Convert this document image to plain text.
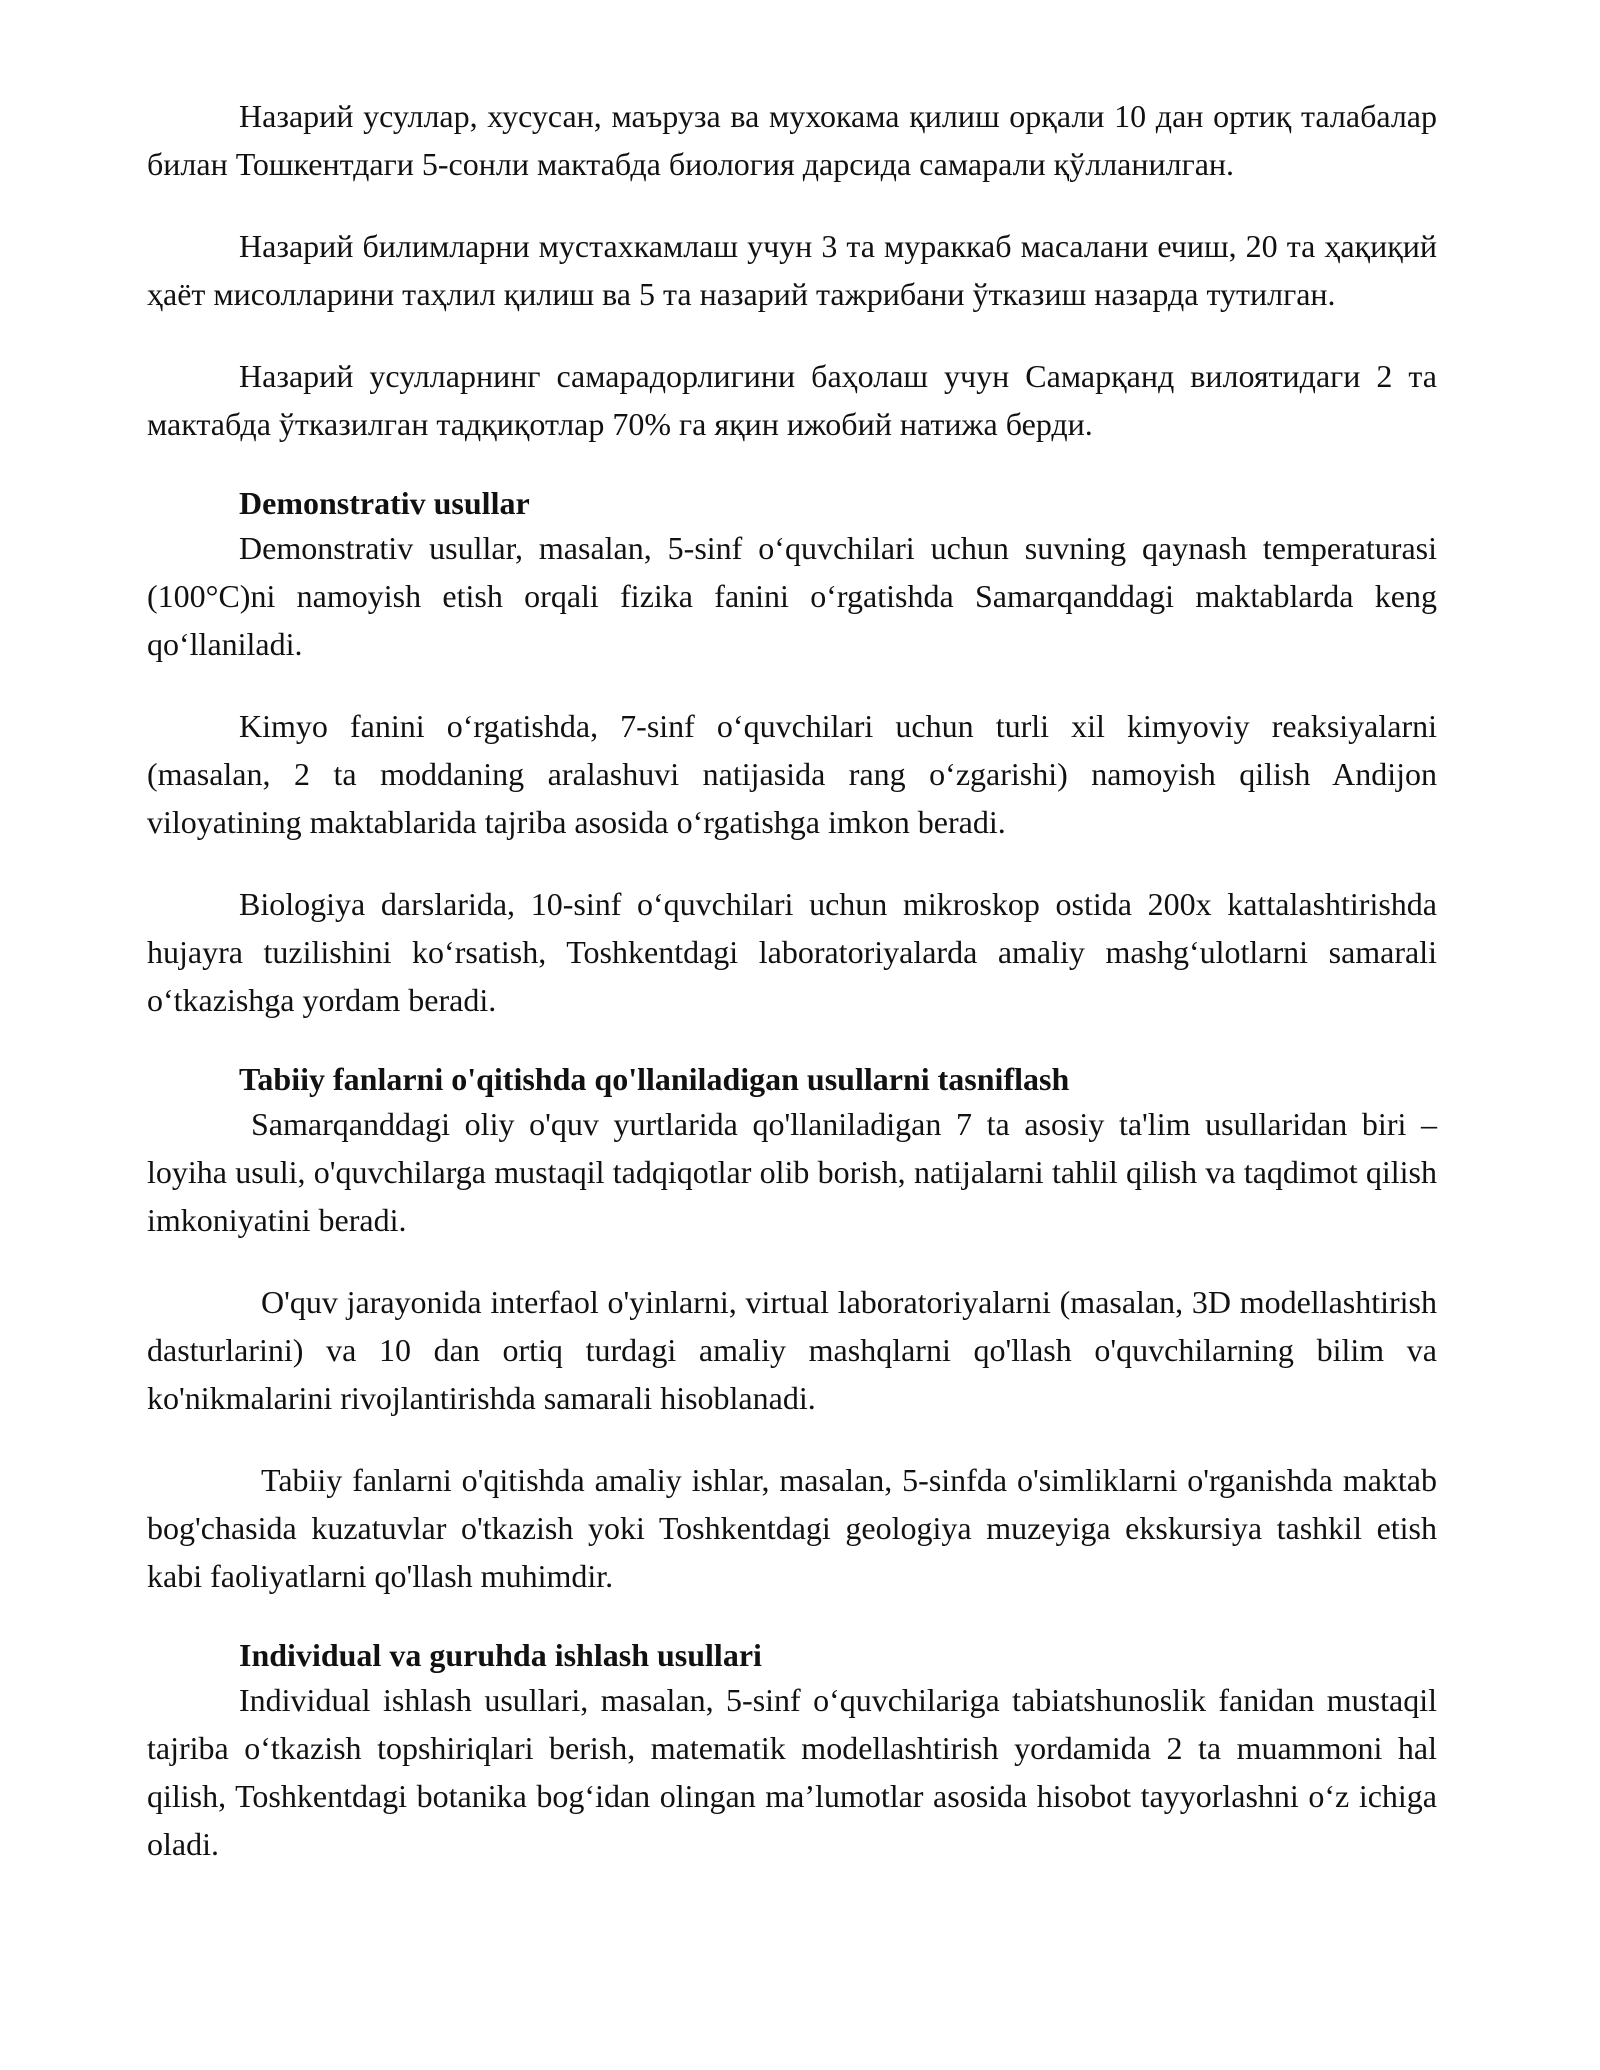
Назарий усуллар, хусусан, маъруза ва мухокама қилиш орқали 10 дан ортиқ талабалар билан Тошкентдаги 5-сонли мактабда биология дарсида самарали қўлланилган.

Назарий билимларни мустахкамлаш учун 3 та мураккаб масалани ечиш, 20 та ҳақиқий ҳаёт мисолларини таҳлил қилиш ва 5 та назарий тажрибани ўтказиш назарда тутилган.

Назарий усулларнинг самарадорлигини баҳолаш учун Самарқанд вилоятидаги 2 та мактабда ўтказилган тадқиқотлар 70% га яқин ижобий натижа берди.

Demonstrativ usullar

Demonstrativ usullar, masalan, 5-sinf oʻquvchilari uchun suvning qaynash temperaturasi (100°C)ni namoyish etish orqali fizika fanini oʻrgatishda Samarqanddagi maktablarda keng qoʻllaniladi.

Kimyo fanini oʻrgatishda, 7-sinf oʻquvchilari uchun turli xil kimyoviy reaksiyalarni (masalan, 2 ta moddaning aralashuvi natijasida rang oʻzgarishi) namoyish qilish Andijon viloyatining maktablarida tajriba asosida oʻrgatishga imkon beradi.

Biologiya darslarida, 10-sinf oʻquvchilari uchun mikroskop ostida 200x kattalashtirishda hujayra tuzilishini koʻrsatish, Toshkentdagi laboratoriyalarda amaliy mashgʻulotlarni samarali oʻtkazishga yordam beradi.

Tabiiy fanlarni o'qitishda qo'llaniladigan usullarni tasniflash

Samarqanddagi oliy o'quv yurtlarida qo'llaniladigan 7 ta asosiy ta'lim usullaridan biri – loyiha usuli, o'quvchilarga mustaqil tadqiqotlar olib borish, natijalarni tahlil qilish va taqdimot qilish imkoniyatini beradi.

O'quv jarayonida interfaol o'yinlarni, virtual laboratoriyalarni (masalan, 3D modellashtirish dasturlarini) va 10 dan ortiq turdagi amaliy mashqlarni qo'llash o'quvchilarning bilim va ko'nikmalarini rivojlantirishda samarali hisoblanadi.

Tabiiy fanlarni o'qitishda amaliy ishlar, masalan, 5-sinfda o'simliklarni o'rganishda maktab bog'chasida kuzatuvlar o'tkazish yoki Toshkentdagi geologiya muzeyiga ekskursiya tashkil etish kabi faoliyatlarni qo'llash muhimdir.

Individual va guruhda ishlash usullari

Individual ishlash usullari, masalan, 5-sinf oʻquvchilariga tabiatshunoslik fanidan mustaqil tajriba oʻtkazish topshiriqlari berish, matematik modellashtirish yordamida 2 ta muammoni hal qilish, Toshkentdagi botanika bogʻidan olingan maʼlumotlar asosida hisobot tayyorlashni oʻz ichiga oladi.
